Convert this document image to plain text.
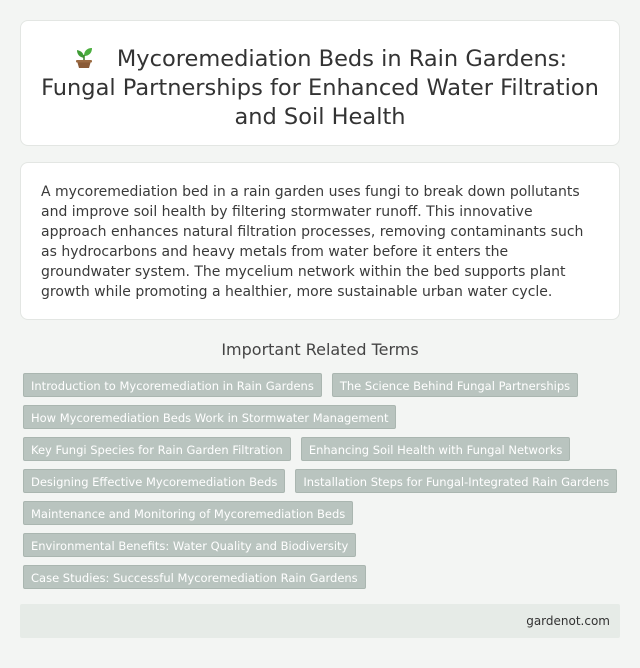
Mycoremediation Beds in Rain Gardens: Fungal Partnerships for Enhanced Water Filtration and Soil Health

A mycoremediation bed in a rain garden uses fungi to break down pollutants and improve soil health by filtering stormwater runoff. This innovative approach enhances natural filtration processes, removing contaminants such as hydrocarbons and heavy metals from water before it enters the groundwater system. The mycelium network within the bed supports plant growth while promoting a healthier, more sustainable urban water cycle.

Important Related Terms
Introduction to Mycoremediation in Rain Gardens	The Science Behind Fungal Partnerships
How Mycoremediation Beds Work in Stormwater Management
Key Fungi Species for Rain Garden Filtration	Enhancing Soil Health with Fungal Networks
Designing Effective Mycoremediation Beds	Installation Steps for Fungal-Integrated Rain Gardens
Maintenance and Monitoring of Mycoremediation Beds
Environmental Benefits: Water Quality and Biodiversity
Case Studies: Successful Mycoremediation Rain Gardens
gardenot.com
